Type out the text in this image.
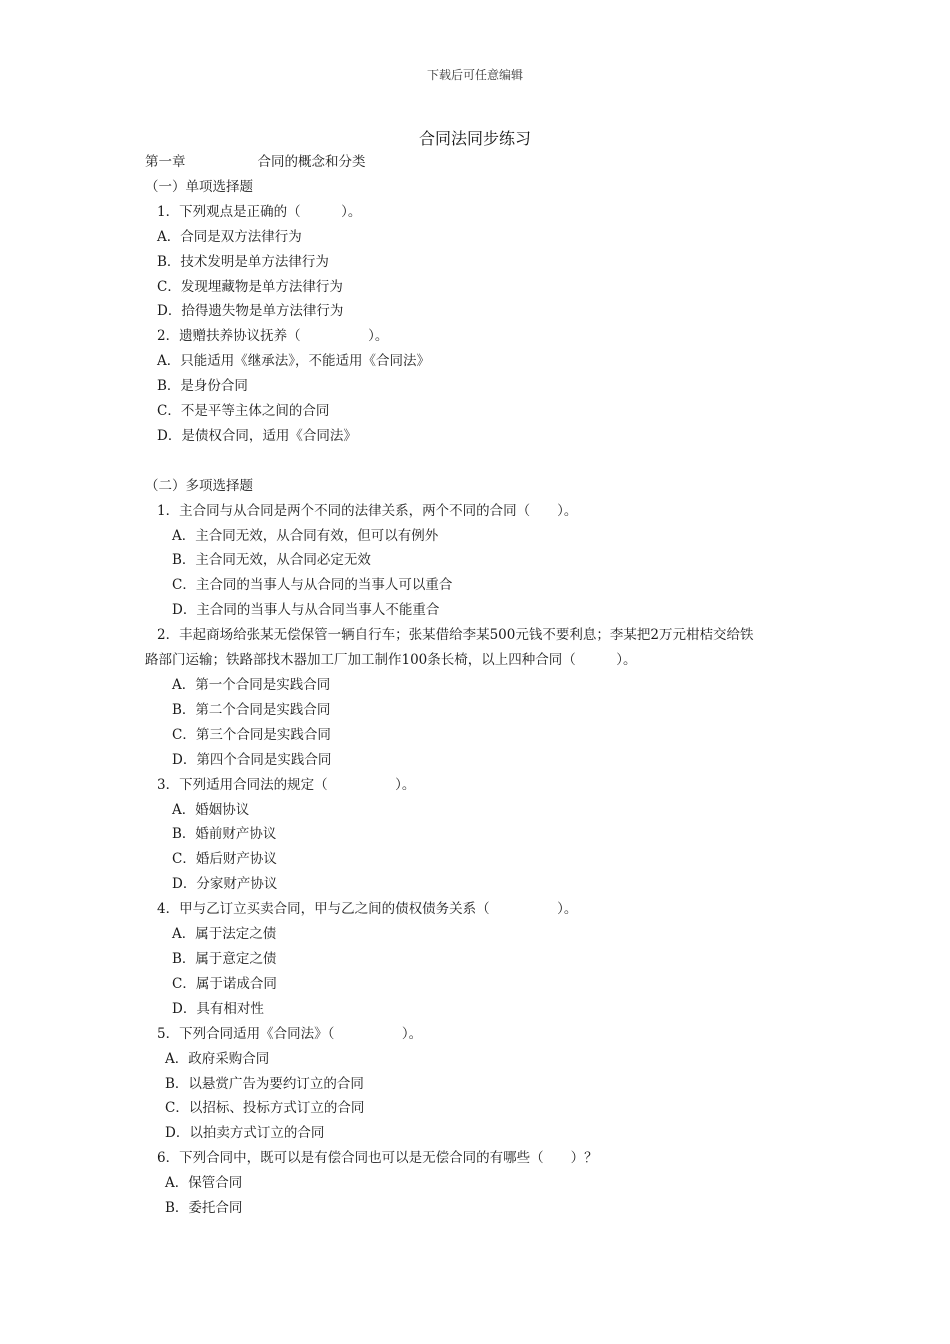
下载后可任意编辑
合同法同步练习
第一章	合同的概念和分类
（一）单项选择题
1．下列观点是正确的（　　　）。
A．合同是双方法律行为
B．技术发明是单方法律行为
C．发现埋藏物是单方法律行为
D．拾得遗失物是单方法律行为
2．遗赠扶养协议抚养（　　　　　）。
A．只能适用《继承法》，不能适用《合同法》
B．是身份合同
C．不是平等主体之间的合同
D．是债权合同，适用《合同法》
（二）多项选择题
1．主合同与从合同是两个不同的法律关系，两个不同的合同（　　）。
A．主合同无效，从合同有效，但可以有例外
B．主合同无效，从合同必定无效
C．主合同的当事人与从合同的当事人可以重合
D．主合同的当事人与从合同当事人不能重合
2．丰起商场给张某无偿保管一辆自行车；张某借给李某500元钱不要利息；李某把2万元柑桔交给铁
路部门运输；铁路部找木器加工厂加工制作100条长椅，以上四种合同（　　　）。
A．第一个合同是实践合同
B．第二个合同是实践合同
C．第三个合同是实践合同
D．第四个合同是实践合同
3．下列适用合同法的规定（　　　　　）。
A．婚姻协议
B．婚前财产协议
C．婚后财产协议
D．分家财产协议
4．甲与乙订立买卖合同，甲与乙之间的债权债务关系（　　　　　）。
A．属于法定之债
B．属于意定之债
C．属于诺成合同
D．具有相对性
5．下列合同适用《合同法》（　　　　　）。
A．政府采购合同
B．以悬赏广告为要约订立的合同
C．以招标、投标方式订立的合同
D．以拍卖方式订立的合同
6．下列合同中，既可以是有偿合同也可以是无偿合同的有哪些（　　）？
A．保管合同
B．委托合同
